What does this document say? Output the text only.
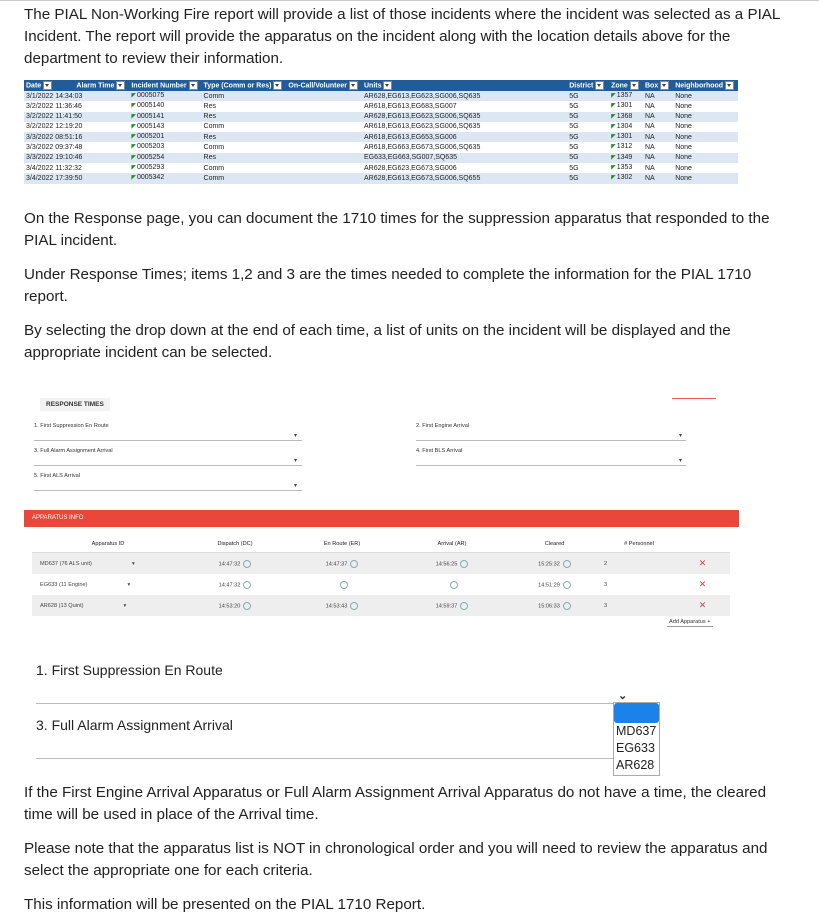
The PIAL Non-Working Fire report will provide a list of those incidents where the incident was selected as a PIAL Incident. The report will provide the apparatus on the incident along with the location details above for the department to review their information.
Date	Alarm Time	Incident Number	Type (Comm or Res)	On-Call/Volunteer	Units	District	Zone	Box	Neighborhood
3/1/2022 14:34:03		◤0005075	Comm		AR628,EG613,EG623,SG006,SQ635	5G	◤1357	NA	None
3/2/2022 11:36:46		◤0005140	Res		AR618,EG613,EG683,SG007	5G	◤1301	NA	None
3/2/2022 11:41:50		◤0005141	Res		AR628,EG613,EG623,SG006,SQ635	5G	◤1368	NA	None
3/2/2022 12:19:20		◤0005143	Comm		AR618,EG613,EG623,SG006,SQ635	5G	◤1304	NA	None
3/3/2022 08:51:16		◤0005201	Res		AR618,EG613,EG653,SG006	5G	◤1301	NA	None
3/3/2022 09:37:48		◤0005203	Comm		AR618,EG663,EG673,SG006,SQ635	5G	◤1312	NA	None
3/3/2022 19:10:46		◤0005254	Res		EG633,EG663,SG007,SQ635	5G	◤1349	NA	None
3/4/2022 11:32:32		◤0005293	Comm		AR628,EG623,EG673,SG006	5G	◤1353	NA	None
3/4/2022 17:39:50		◤0005342	Comm		AR628,EG613,EG673,SG006,SQ655	5G	◤1302	NA	None
On the Response page, you can document the 1710 times for the suppression apparatus that responded to the PIAL incident.
Under Response Times; items 1,2 and 3 are the times needed to complete the information for the PIAL 1710 report.
By selecting the drop down at the end of each time, a list of units on the incident will be displayed and the appropriate incident can be selected.
RESPONSE TIMES
1. First Suppression En Route
▾
2. First Engine Arrival
▾
3. Full Alarm Assignment Arrival
▾
4. First BLS Arrival
▾
5. First ALS Arrival
▾
APPARATUS INFO
Apparatus ID	Dispatch (DC)	En Route (ER)	Arrival (AR)	Cleared	# Personnel	
MD637 (76 ALS unit) ▾	14:47:32	14:47:37	14:56:25	15:25:32	2	✕
EG633 (11 Engine) ▾	14:47:32			14:51:29	3	✕
AR628 (13 Quint) ▾	14:53:20	14:53:43	14:59:37	15:06:33	3	✕
Add Apparatus +
1. First Suppression En Route
⌄
3. Full Alarm Assignment Arrival	MD637
EG633
AR628
If the First Engine Arrival Apparatus or Full Alarm Assignment Arrival Apparatus do not have a time, the cleared time will be used in place of the Arrival time.
Please note that the apparatus list is NOT in chronological order and you will need to review the apparatus and select the appropriate one for each criteria.
This information will be presented on the PIAL 1710 Report.
